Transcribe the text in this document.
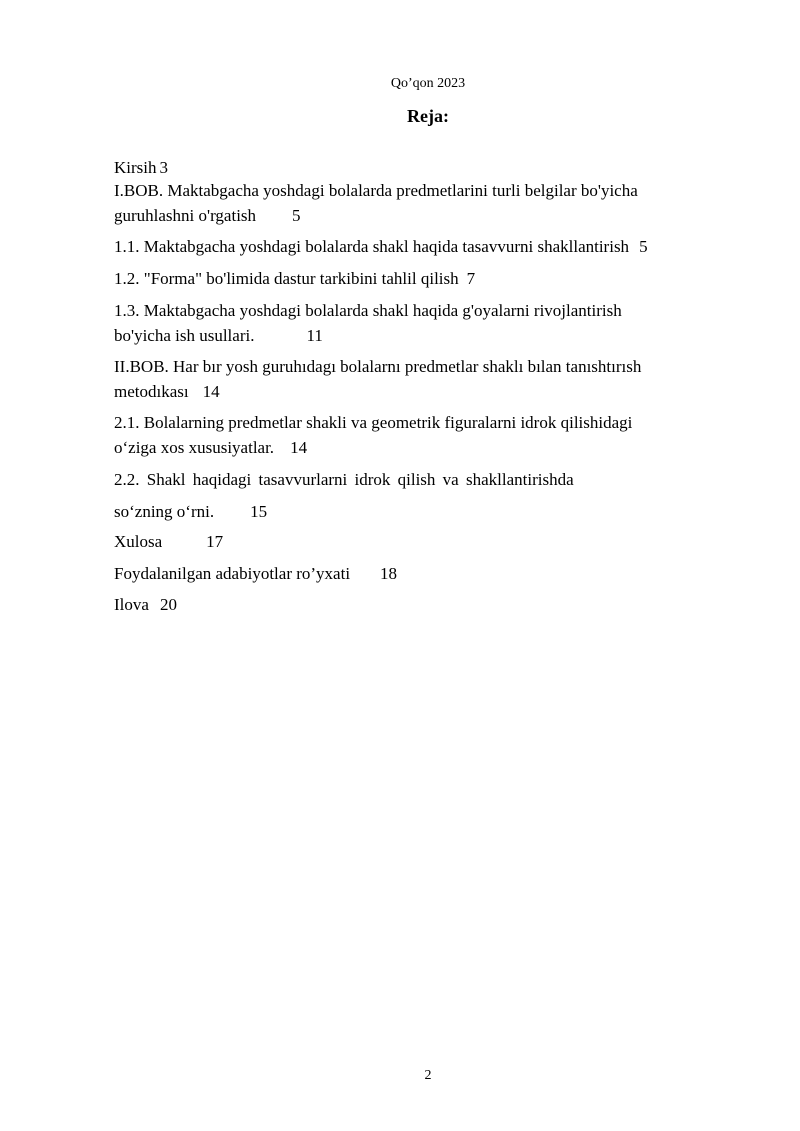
Qo’qon 2023
Reja:
Kirsih 3
I.BOB. Maktabgacha yoshdagi bolalarda predmetlarini turli belgilar bo'yicha
guruhlashni o'rgatish 5
1.1. Maktabgacha yoshdagi bolalarda shakl haqida tasavvurni shakllantirish 5
1.2. "Forma" bo'limida dastur tarkibini tahlil qilish 7
1.3. Maktabgacha yoshdagi bolalarda shakl haqida g'oyalarni rivojlantirish
bo'yicha ish usullari.	11
II.BOB. Har bır yosh guruhıdagı bolalarnı predmetlar shaklı bılan tanıshtırısh
metodıkası 14
2.1. Bolalarning predmetlar shakli va geometrik figuralarni idrok qilishidagi
o‘ziga xos xususiyatlar. 14
2.2. Shakl haqidagi tasavvurlarni idrok qilish va shakllantirishda
so‘zning o‘rni. 15
Xulosa	17
Foydalanilgan adabiyotlar ro’yxati 18
Ilova 20
2
